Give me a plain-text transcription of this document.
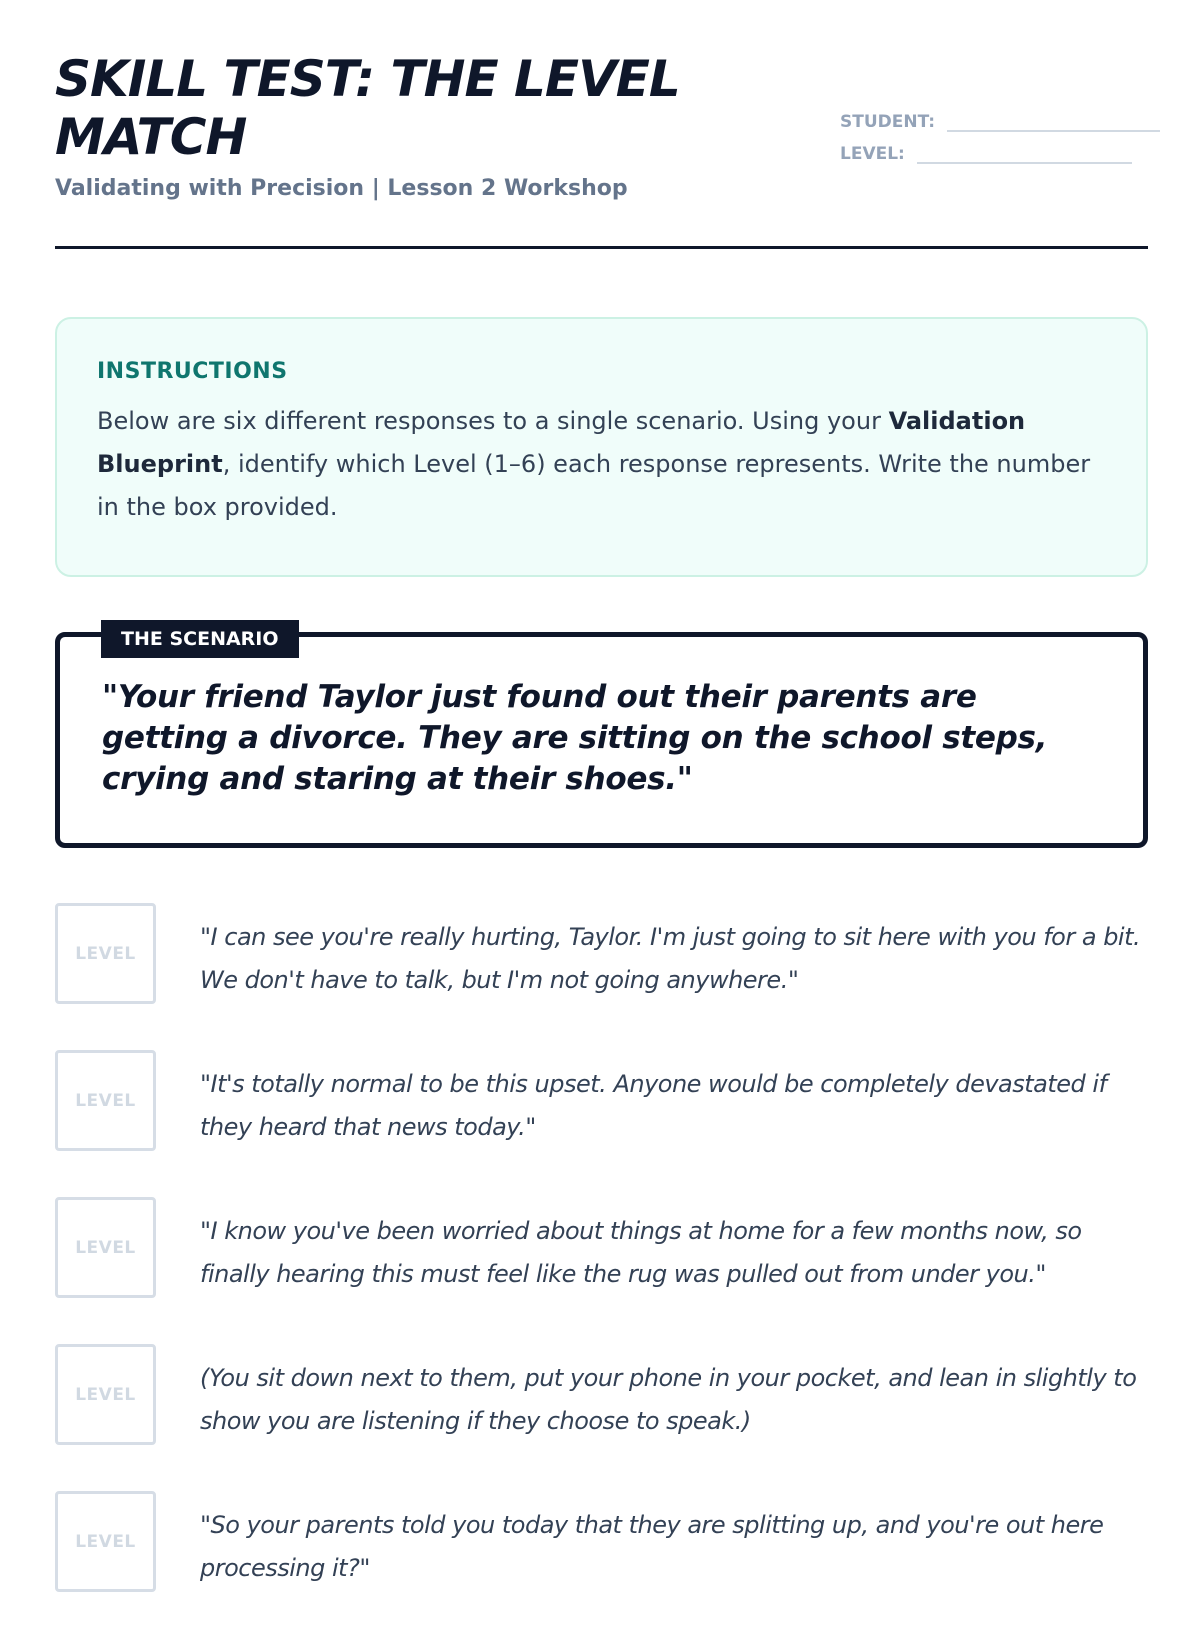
SKILL TEST: THE LEVEL MATCH
Validating with Precision | Lesson 2 Workshop
STUDENT:
LEVEL:
INSTRUCTIONS

Below are six different responses to a single scenario. Using your Validation Blueprint, identify which Level (1–6) each response represents. Write the number in the box provided.

THE SCENARIO

"Your friend Taylor just found out their parents are getting a divorce. They are sitting on the school steps, crying and staring at their shoes."

LEVEL
"I can see you're really hurting, Taylor. I'm just going to sit here with you for a bit. We don't have to talk, but I'm not going anywhere."
LEVEL
"It's totally normal to be this upset. Anyone would be completely devastated if they heard that news today."
LEVEL
"I know you've been worried about things at home for a few months now, so finally hearing this must feel like the rug was pulled out from under you."
LEVEL
(You sit down next to them, put your phone in your pocket, and lean in slightly to show you are listening if they choose to speak.)
LEVEL
"So your parents told you today that they are splitting up, and you're out here processing it?"
